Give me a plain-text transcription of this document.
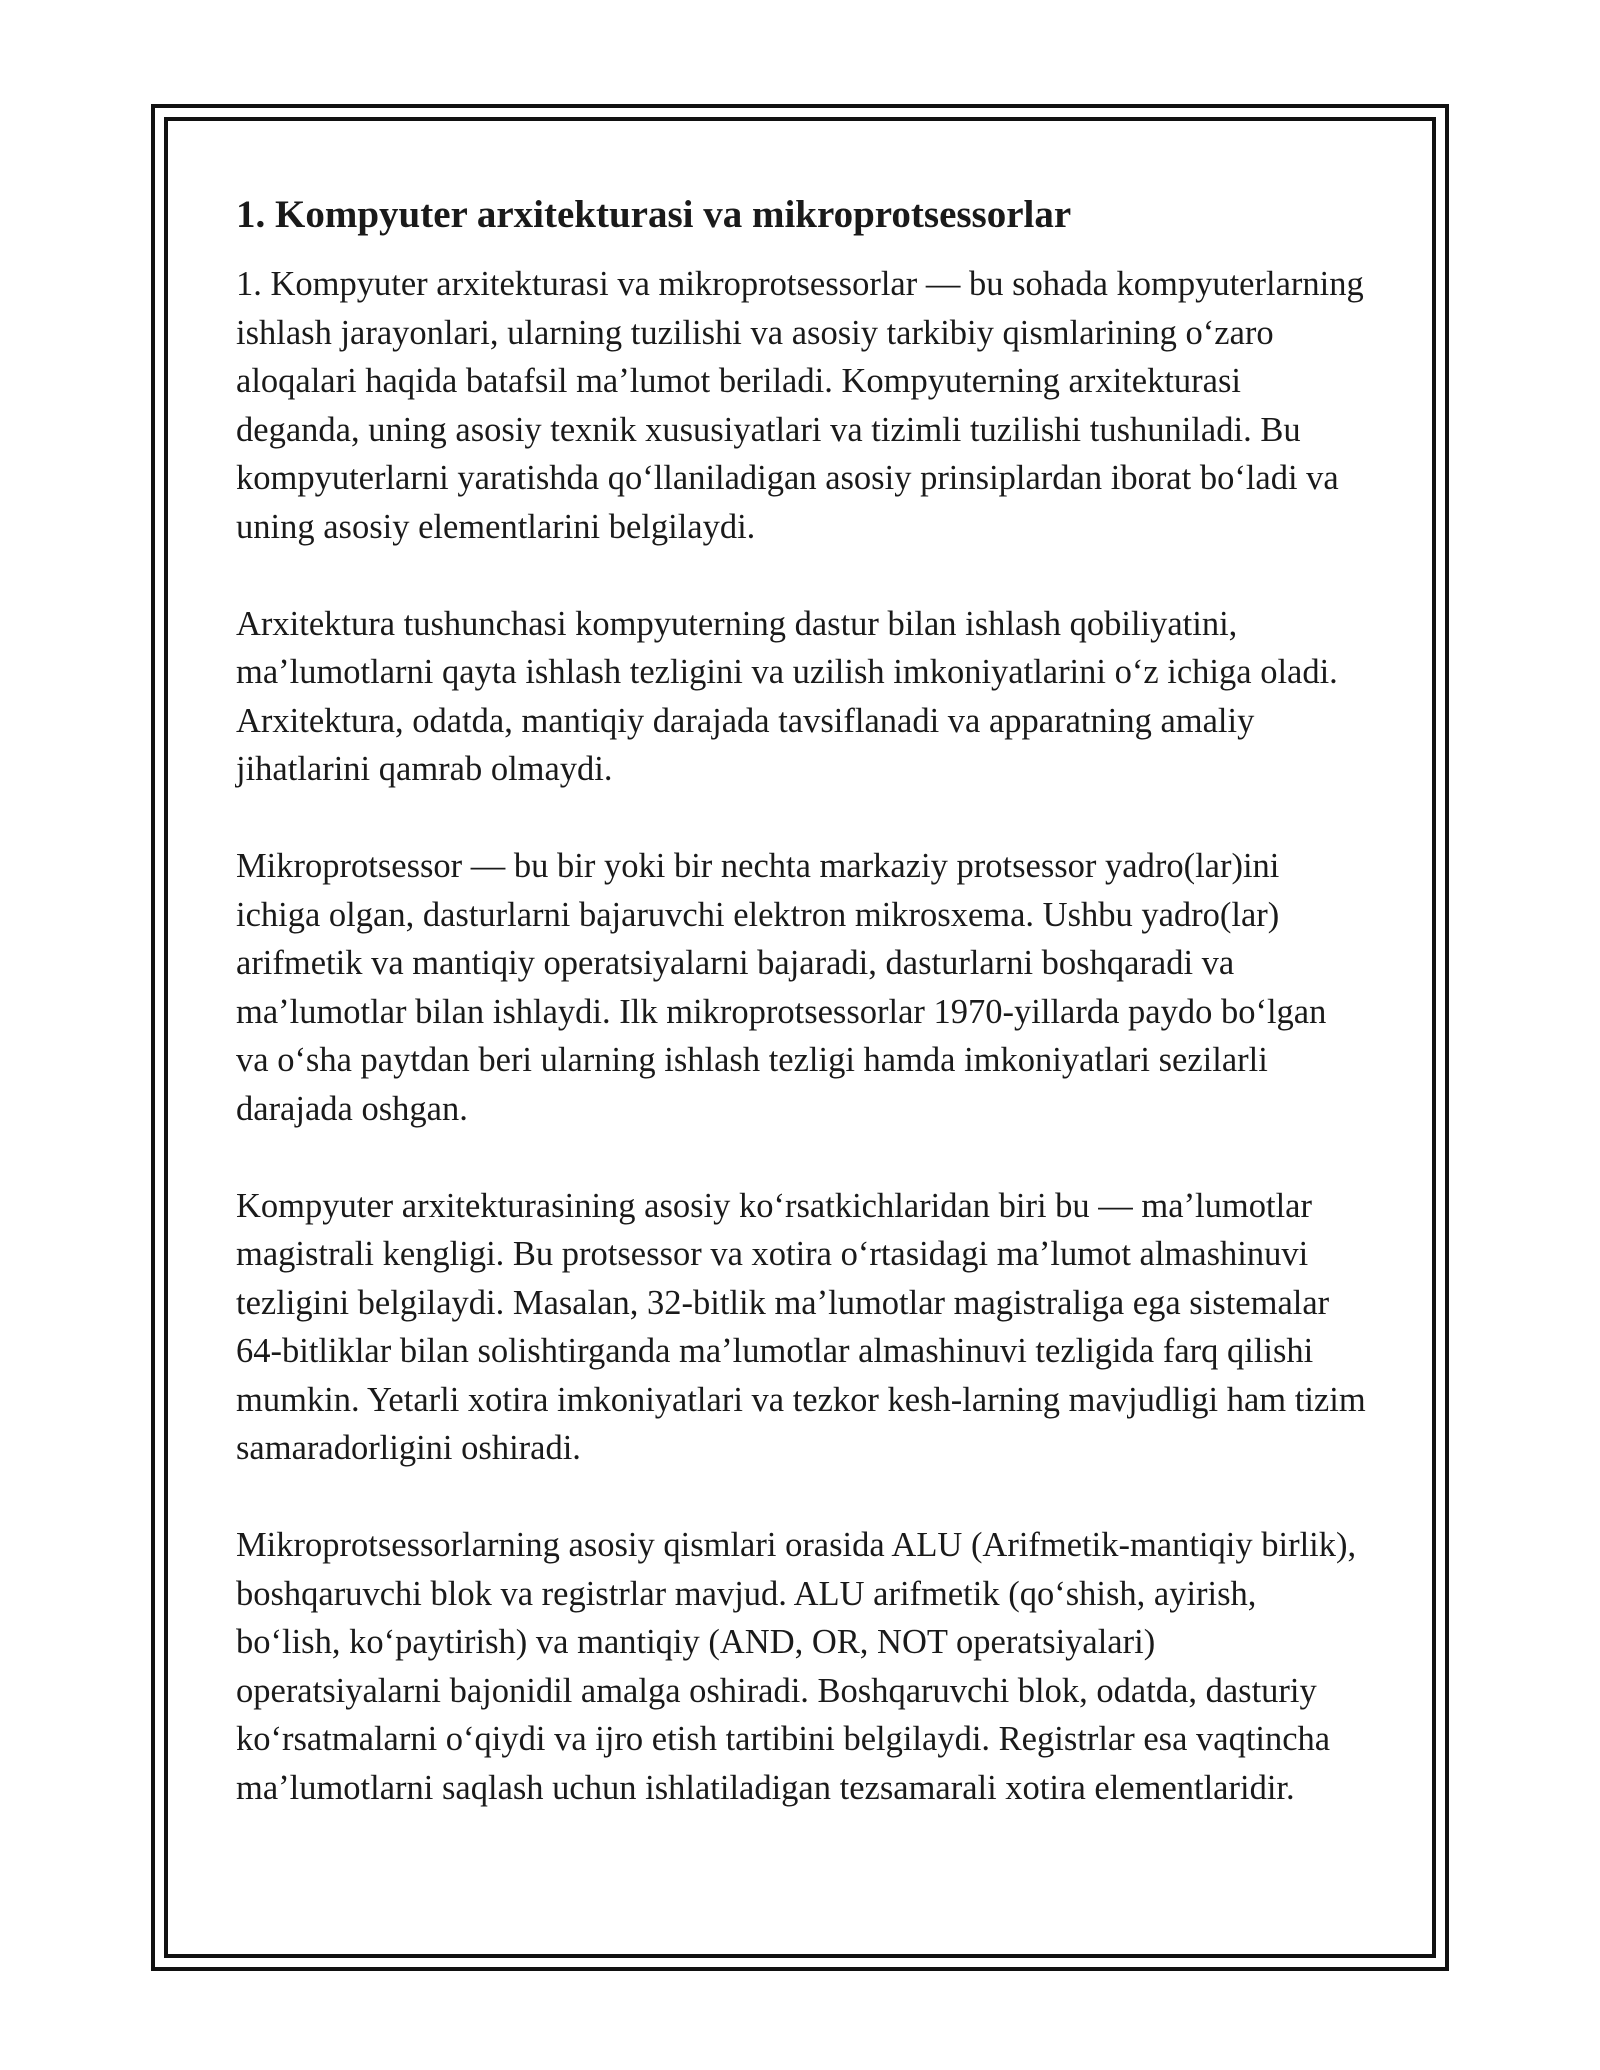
1. Kompyuter arxitekturasi va mikroprotsessorlar

1. Kompyuter arxitekturasi va mikroprotsessorlar — bu sohada kompyuterlarning ishlash jarayonlari, ularning tuzilishi va asosiy tarkibiy qismlarining oʻzaro aloqalari haqida batafsil maʼlumot beriladi. Kompyuterning arxitekturasi deganda, uning asosiy texnik xususiyatlari va tizimli tuzilishi tushuniladi. Bu kompyuterlarni yaratishda qoʻllaniladigan asosiy prinsiplardan iborat boʻladi va uning asosiy elementlarini belgilaydi.

Arxitektura tushunchasi kompyuterning dastur bilan ishlash qobiliyatini, maʼlumotlarni qayta ishlash tezligini va uzilish imkoniyatlarini oʻz ichiga oladi. Arxitektura, odatda, mantiqiy darajada tavsiflanadi va apparatning amaliy jihatlarini qamrab olmaydi.

Mikroprotsessor — bu bir yoki bir nechta markaziy protsessor yadro(lar)ini ichiga olgan, dasturlarni bajaruvchi elektron mikrosxema. Ushbu yadro(lar) arifmetik va mantiqiy operatsiyalarni bajaradi, dasturlarni boshqaradi va maʼlumotlar bilan ishlaydi. Ilk mikroprotsessorlar 1970-yillarda paydo boʻlgan va oʻsha paytdan beri ularning ishlash tezligi hamda imkoniyatlari sezilarli darajada oshgan.

Kompyuter arxitekturasining asosiy koʻrsatkichlaridan biri bu — maʼlumotlar magistrali kengligi. Bu protsessor va xotira oʻrtasidagi maʼlumot almashinuvi tezligini belgilaydi. Masalan, 32-bitlik maʼlumotlar magistraliga ega sistemalar 64-bitliklar bilan solishtirganda maʼlumotlar almashinuvi tezligida farq qilishi mumkin. Yetarli xotira imkoniyatlari va tezkor kesh-larning mavjudligi ham tizim samaradorligini oshiradi.

Mikroprotsessorlarning asosiy qismlari orasida ALU (Arifmetik-mantiqiy birlik), boshqaruvchi blok va registrlar mavjud. ALU arifmetik (qoʻshish, ayirish, boʻlish, koʻpaytirish) va mantiqiy (AND, OR, NOT operatsiyalari) operatsiyalarni bajonidil amalga oshiradi. Boshqaruvchi blok, odatda, dasturiy koʻrsatmalarni oʻqiydi va ijro etish tartibini belgilaydi. Registrlar esa vaqtincha maʼlumotlarni saqlash uchun ishlatiladigan tezsamarali xotira elementlaridir.
